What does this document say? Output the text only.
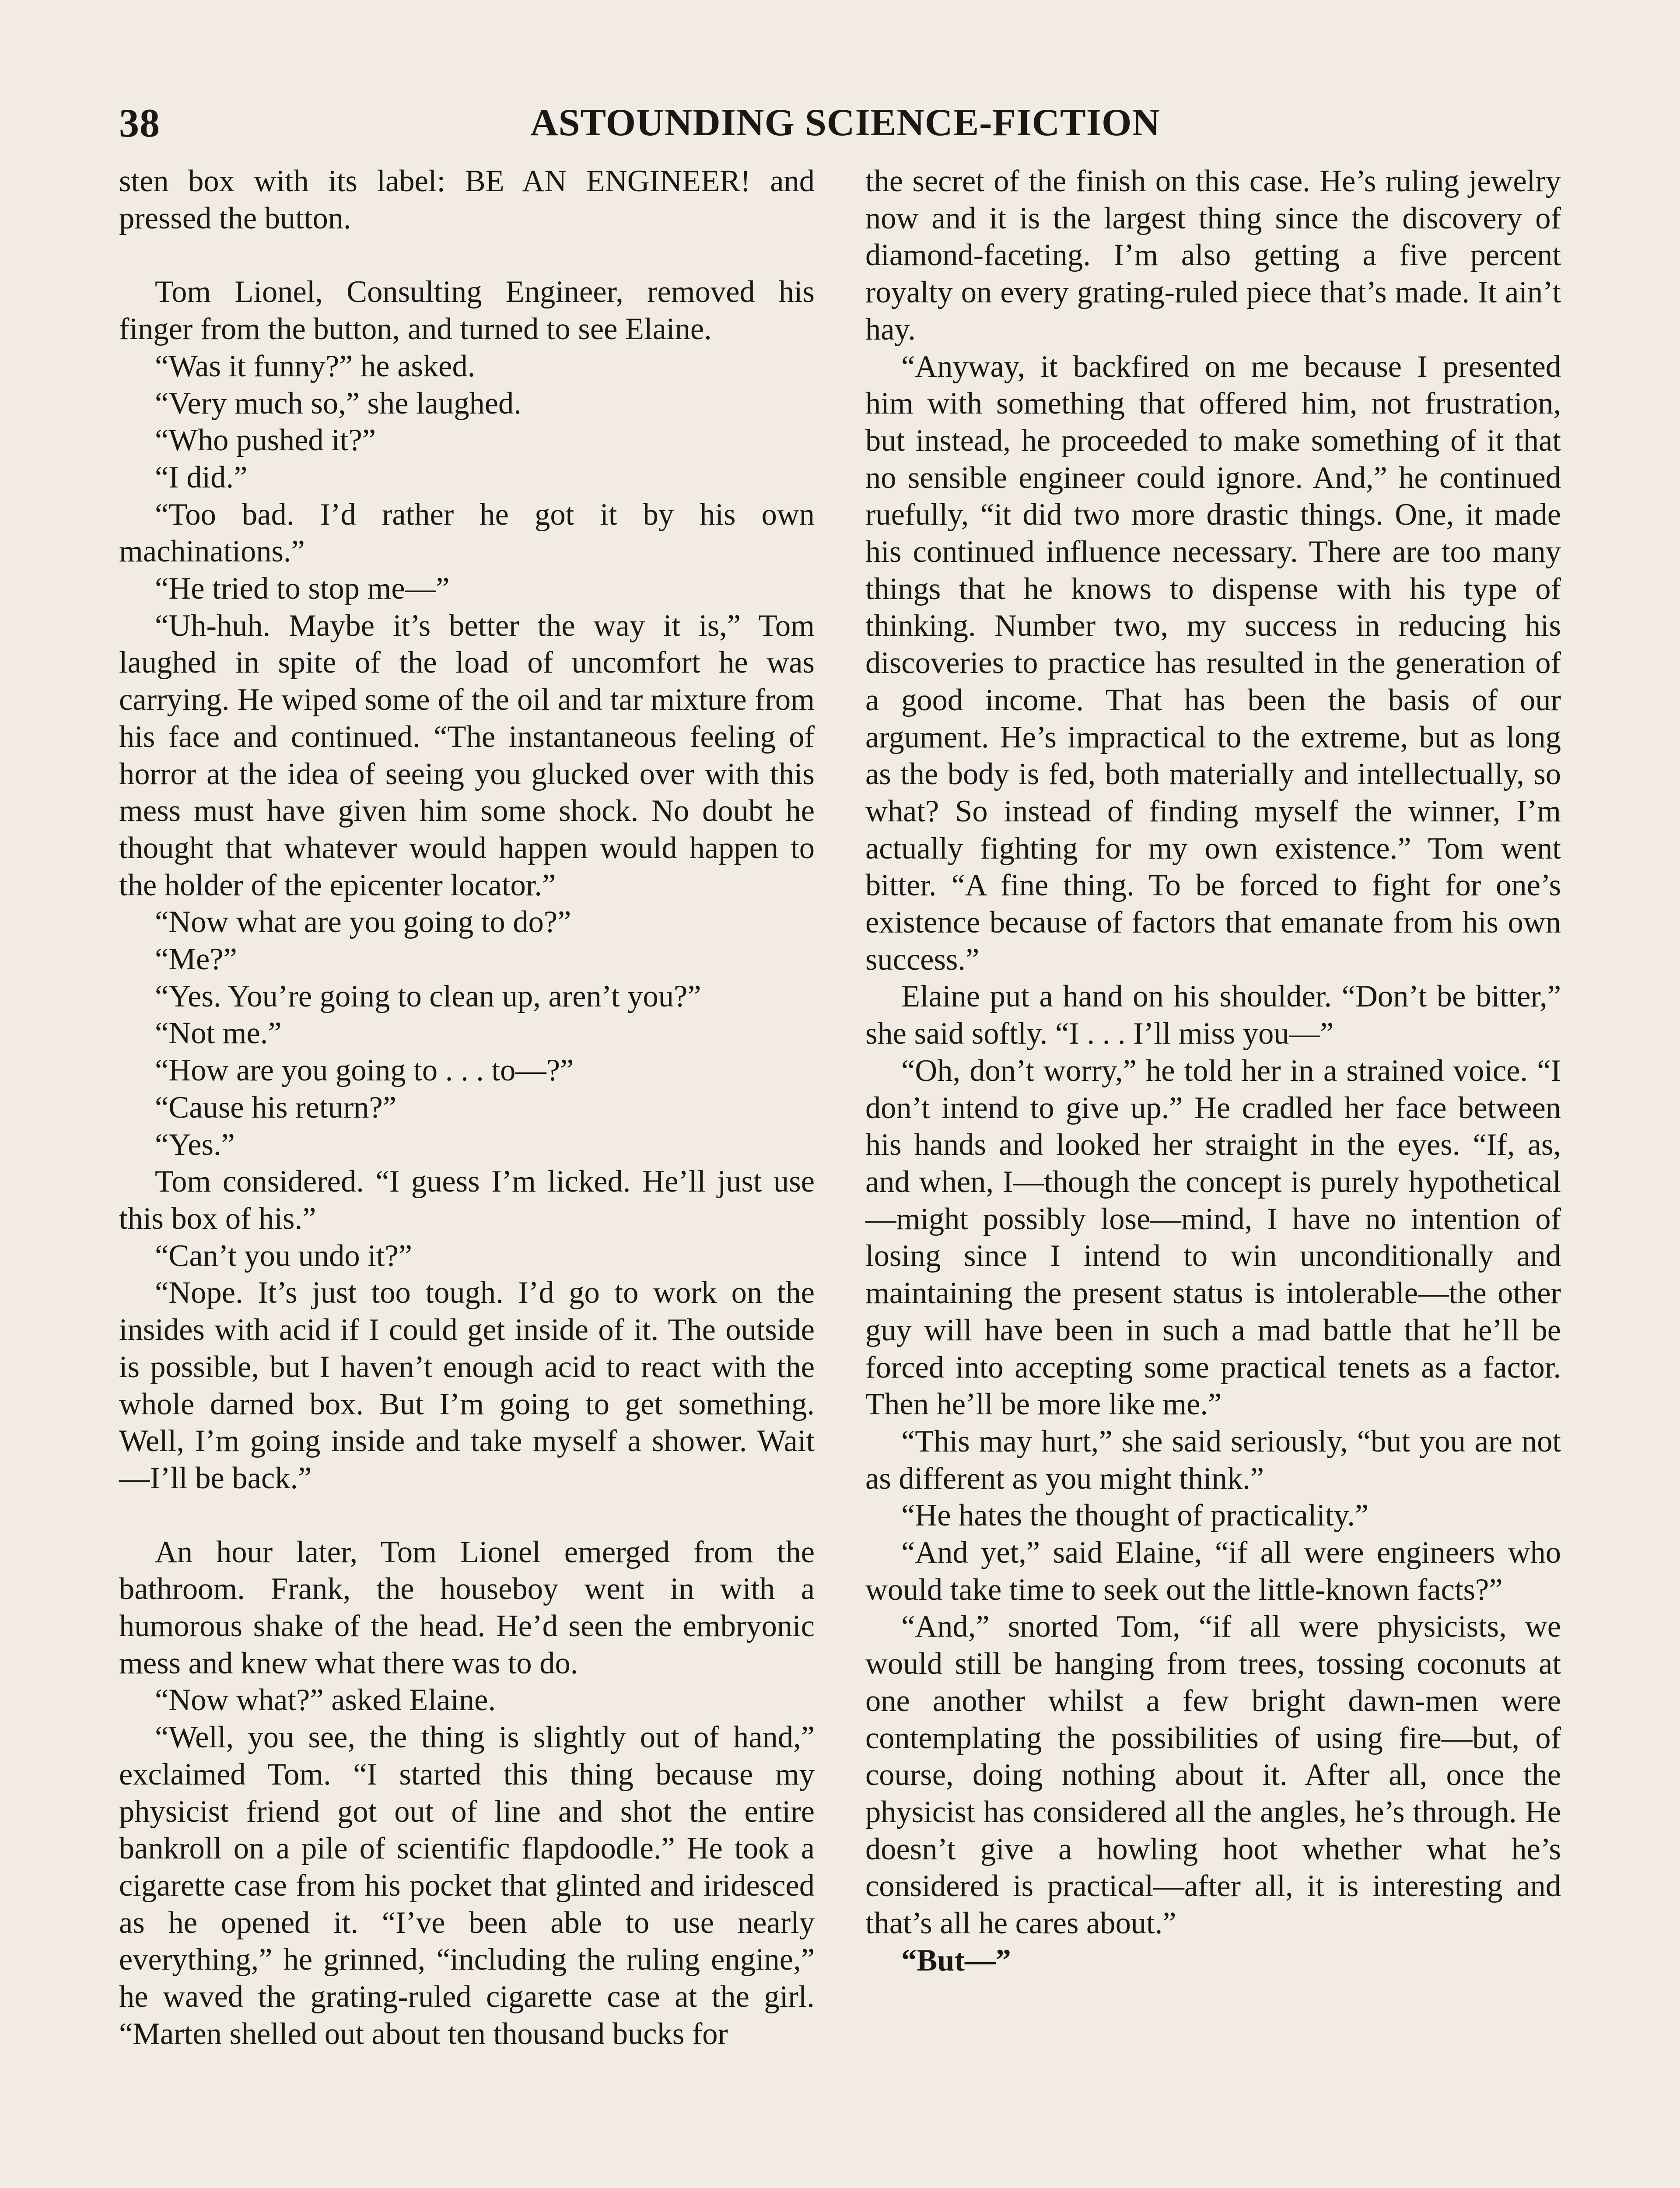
38	ASTOUNDING SCIENCE-FICTION

sten box with its label: BE AN ENGINEER! and pressed the button.

Tom Lionel, Consulting Engineer, removed his finger from the button, and turned to see Elaine.

“Was it funny?” he asked.

“Very much so,” she laughed.

“Who pushed it?”

“I did.”

“Too bad. I’d rather he got it by his own machinations.”

“He tried to stop me—”

“Uh-huh. Maybe it’s better the way it is,” Tom laughed in spite of the load of uncomfort he was carrying. He wiped some of the oil and tar mixture from his face and continued. “The instantaneous feeling of horror at the idea of seeing you glucked over with this mess must have given him some shock. No doubt he thought that whatever would happen would happen to the holder of the epicenter locator.”

“Now what are you going to do?”

“Me?”

“Yes. You’re going to clean up, aren’t you?”

“Not me.”

“How are you going to . . . to—?”

“Cause his return?”

“Yes.”

Tom considered. “I guess I’m licked. He’ll just use this box of his.”

“Can’t you undo it?”

“Nope. It’s just too tough. I’d go to work on the insides with acid if I could get inside of it. The outside is possible, but I haven’t enough acid to react with the whole darned box. But I’m going to get something. Well, I’m going inside and take myself a shower. Wait—I’ll be back.”

An hour later, Tom Lionel emerged from the bathroom. Frank, the houseboy went in with a humorous shake of the head. He’d seen the embryonic mess and knew what there was to do.

“Now what?” asked Elaine.

“Well, you see, the thing is slightly out of hand,” exclaimed Tom. “I started this thing because my physicist friend got out of line and shot the entire bankroll on a pile of scientific flapdoodle.” He took a cigarette case from his pocket that glinted and iridesced as he opened it. “I’ve been able to use nearly everything,” he grinned, “including the ruling engine,” he waved the grating-ruled cigarette case at the girl. “Marten shelled out about ten thousand bucks for

the secret of the finish on this case. He’s ruling jewelry now and it is the largest thing since the discovery of diamond-faceting. I’m also getting a five percent royalty on every grating-ruled piece that’s made. It ain’t hay.

“Anyway, it backfired on me because I presented him with something that offered him, not frustration, but instead, he proceeded to make something of it that no sensible engineer could ignore. And,” he continued ruefully, “it did two more drastic things. One, it made his continued influence necessary. There are too many things that he knows to dispense with his type of thinking. Number two, my success in reducing his discoveries to practice has resulted in the generation of a good income. That has been the basis of our argument. He’s impractical to the extreme, but as long as the body is fed, both materially and intellectually, so what? So instead of finding myself the winner, I’m actually fighting for my own existence.” Tom went bitter. “A fine thing. To be forced to fight for one’s existence because of factors that emanate from his own success.”

Elaine put a hand on his shoulder. “Don’t be bitter,” she said softly. “I . . . I’ll miss you—”

“Oh, don’t worry,” he told her in a strained voice. “I don’t intend to give up.” He cradled her face between his hands and looked her straight in the eyes. “If, as, and when, I—though the concept is purely hypothetical—might possibly lose—mind, I have no intention of losing since I intend to win unconditionally and maintaining the present status is intolerable—the other guy will have been in such a mad battle that he’ll be forced into accepting some practical tenets as a factor. Then he’ll be more like me.”

“This may hurt,” she said seriously, “but you are not as different as you might think.”

“He hates the thought of practicality.”

“And yet,” said Elaine, “if all were engineers who would take time to seek out the little-known facts?”

“And,” snorted Tom, “if all were physicists, we would still be hanging from trees, tossing coconuts at one another whilst a few bright dawn-men were contemplating the possibilities of using fire—but, of course, doing nothing about it. After all, once the physicist has considered all the angles, he’s through. He doesn’t give a howling hoot whether what he’s considered is practical—after all, it is interesting and that’s all he cares about.”

“But—”
